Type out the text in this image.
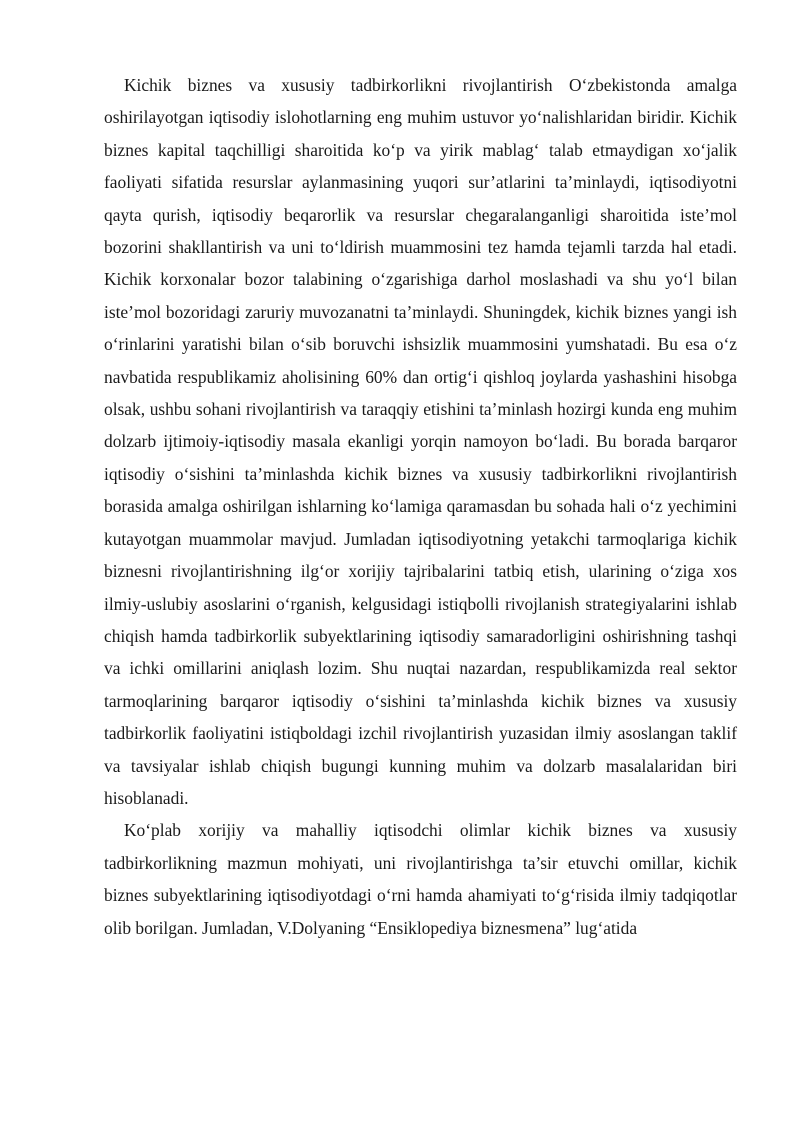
Kichik biznes va xususiy tadbirkorlikni rivojlantirish O‘zbekistonda amalga oshirilayotgan iqtisodiy islohotlarning eng muhim ustuvor yo‘nalishlaridan biridir. Kichik biznes kapital taqchilligi sharoitida ko‘p va yirik mablag‘ talab etmaydigan xo‘jalik faoliyati sifatida resurslar aylanmasining yuqori sur’atlarini ta’minlaydi, iqtisodiyotni qayta qurish, iqtisodiy beqarorlik va resurslar chegaralanganligi sharoitida iste’mol bozorini shakllantirish va uni to‘ldirish muammosini tez hamda tejamli tarzda hal etadi. Kichik korxonalar bozor talabining o‘zgarishiga darhol moslashadi va shu yo‘l bilan iste’mol bozoridagi zaruriy muvozanatni ta’minlaydi. Shuningdek, kichik biznes yangi ish o‘rinlarini yaratishi bilan o‘sib boruvchi ishsizlik muammosini yumshatadi. Bu esa o‘z navbatida respublikamiz aholisining 60% dan ortig‘i qishloq joylarda yashashini hisobga olsak, ushbu sohani rivojlantirish va taraqqiy etishini ta’minlash hozirgi kunda eng muhim dolzarb ijtimoiy-iqtisodiy masala ekanligi yorqin namoyon bo‘ladi. Bu borada barqaror iqtisodiy o‘sishini ta’minlashda kichik biznes va xususiy tadbirkorlikni rivojlantirish borasida amalga oshirilgan ishlarning ko‘lamiga qaramasdan bu sohada hali o‘z yechimini kutayotgan muammolar mavjud. Jumladan iqtisodiyotning yetakchi tarmoqlariga kichik biznesni rivojlantirishning ilg‘or xorijiy tajribalarini tatbiq etish, ularining o‘ziga xos ilmiy-uslubiy asoslarini o‘rganish, kelgusidagi istiqbolli rivojlanish strategiyalarini ishlab chiqish hamda tadbirkorlik subyektlarining iqtisodiy samaradorligini oshirishning tashqi va ichki omillarini aniqlash lozim. Shu nuqtai nazardan, respublikamizda real sektor tarmoqlarining barqaror iqtisodiy o‘sishini ta’minlashda kichik biznes va xususiy tadbirkorlik faoliyatini istiqboldagi izchil rivojlantirish yuzasidan ilmiy asoslangan taklif va tavsiyalar ishlab chiqish bugungi kunning muhim va dolzarb masalalaridan biri hisoblanadi.

Ko‘plab xorijiy va mahalliy iqtisodchi olimlar kichik biznes va xususiy tadbirkorlikning mazmun mohiyati, uni rivojlantirishga ta’sir etuvchi omillar, kichik biznes subyektlarining iqtisodiyotdagi o‘rni hamda ahamiyati to‘g‘risida ilmiy tadqiqotlar olib borilgan. Jumladan, V.Dolyaning “Ensiklopediya biznesmena” lug‘atida
